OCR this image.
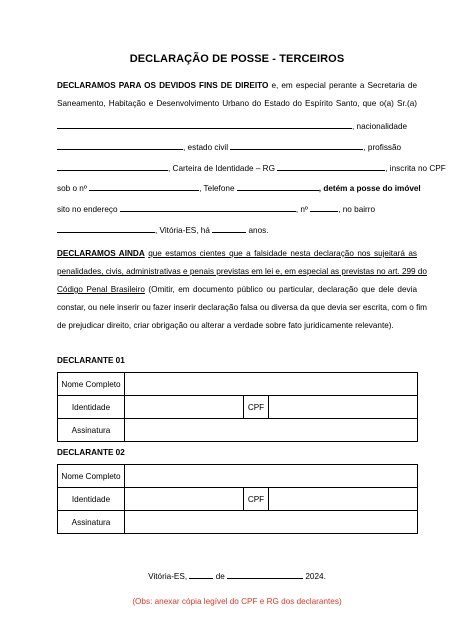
DECLARAÇÃO DE POSSE - TERCEIROS
DECLARAMOS PARA OS DEVIDOS FINS DE DIREITO e, em especial perante a Secretaria de
Saneamento, Habitação e Desenvolvimento Urbano do Estado do Espírito Santo, que o(a) Sr.(a)
, nacionalidade
, estado civil	, profissão
, Carteira de Identidade – RG	, inscrita no CPF
sob o nº	, Telefone	, detém a posse do imóvel
sito no endereço	, nº	, no bairro
, Vitória-ES, há	anos.
DECLARAMOS AINDA que estamos cientes que a falsidade nesta declaração nos sujeitará as
penalidades, civis, administrativas e penais previstas em lei e, em especial as previstas no art. 299 do
Código Penal Brasileiro (Omitir, em documento público ou particular, declaração que dele devia
constar, ou nele inserir ou fazer inserir declaração falsa ou diversa da que devia ser escrita, com o fim
de prejudicar direito, criar obrigação ou alterar a verdade sobre fato juridicamente relevante).
DECLARANTE 01
Nome Completo			
Identidade		CPF	
Assinatura			
DECLARANTE 02
Nome Completo			
Identidade		CPF	
Assinatura			
Vitória-ES,	de	2024.
(Obs: anexar cópia legível do CPF e RG dos declarantes)
